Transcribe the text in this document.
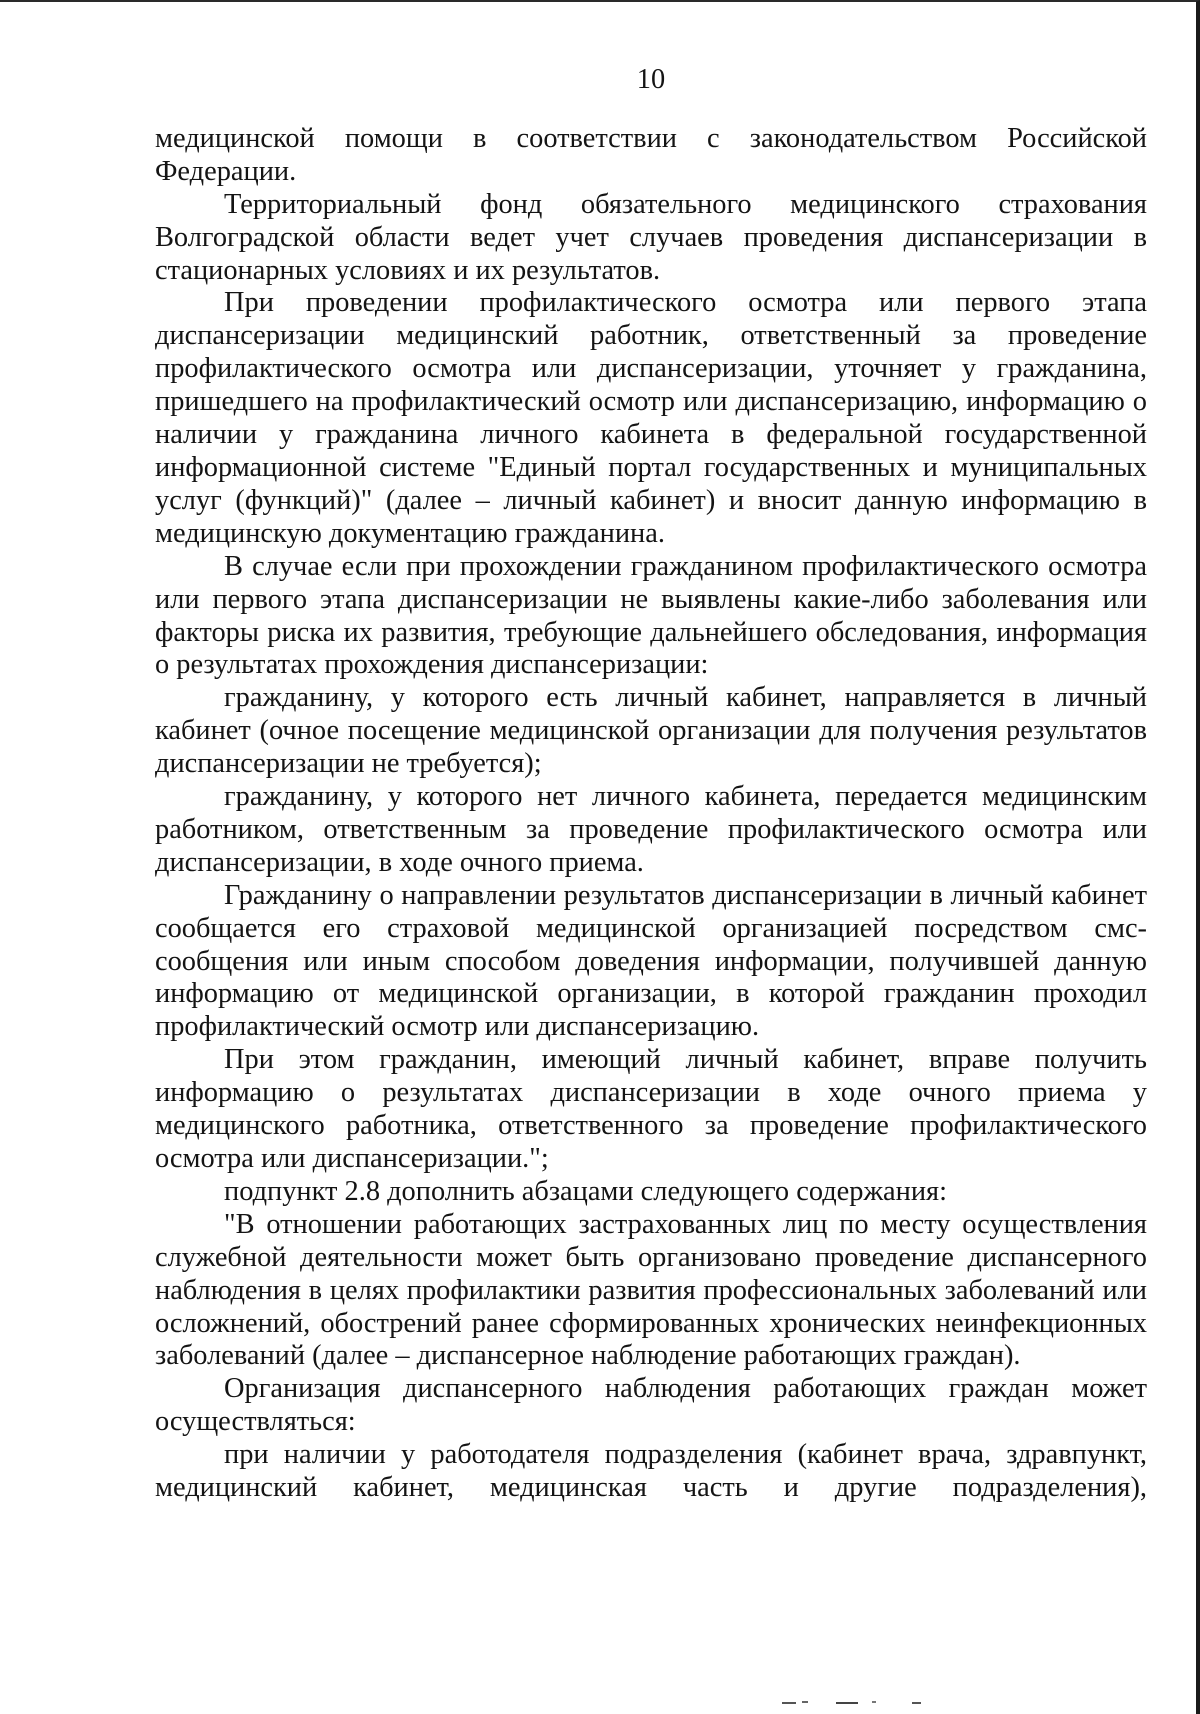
10

медицинской помощи в соответствии с законодательством Российской Федерации.

Территориальный фонд обязательного медицинского страхования Волгоградской области ведет учет случаев проведения диспансеризации в стационарных условиях и их результатов.

При проведении профилактического осмотра или первого этапа диспансеризации медицинский работник, ответственный за проведение профилактического осмотра или диспансеризации, уточняет у гражданина, пришедшего на профилактический осмотр или диспансеризацию, информацию о наличии у гражданина личного кабинета в федеральной государственной информационной системе "Единый портал государственных и муниципальных услуг (функций)" (далее – личный кабинет) и вносит данную информацию в медицинскую документацию гражданина.

В случае если при прохождении гражданином профилактического осмотра или первого этапа диспансеризации не выявлены какие-либо заболевания или факторы риска их развития, требующие дальнейшего обследования, информация о результатах прохождения диспансеризации:

гражданину, у которого есть личный кабинет, направляется в личный кабинет (очное посещение медицинской организации для получения результатов диспансеризации не требуется);

гражданину, у которого нет личного кабинета, передается медицинским работником, ответственным за проведение профилактического осмотра или диспансеризации, в ходе очного приема.

Гражданину о направлении результатов диспансеризации в личный кабинет сообщается его страховой медицинской организацией посредством смс-сообщения или иным способом доведения информации, получившей данную информацию от медицинской организации, в которой гражданин проходил профилактический осмотр или диспансеризацию.

При этом гражданин, имеющий личный кабинет, вправе получить информацию о результатах диспансеризации в ходе очного приема у медицинского работника, ответственного за проведение профилактического осмотра или диспансеризации.";

подпункт 2.8 дополнить абзацами следующего содержания:

"В отношении работающих застрахованных лиц по месту осуществления служебной деятельности может быть организовано проведение диспансерного наблюдения в целях профилактики развития профессиональных заболеваний или осложнений, обострений ранее сформированных хронических неинфекционных заболеваний (далее – диспансерное наблюдение работающих граждан).

Организация диспансерного наблюдения работающих граждан может осуществляться:

при наличии у работодателя подразделения (кабинет врача, здравпункт, медицинский кабинет, медицинская часть и другие подразделения),
